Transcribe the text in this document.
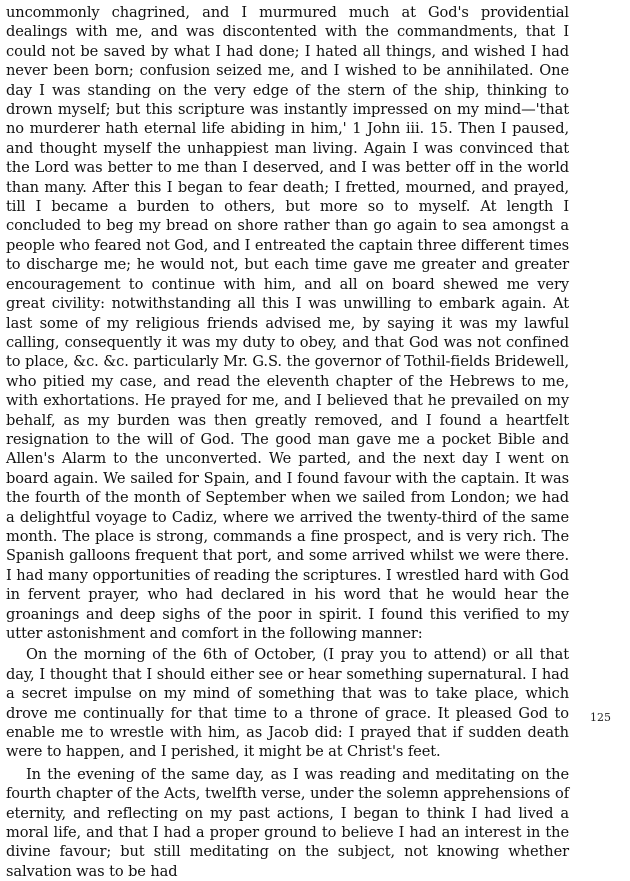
uncommonly chagrined, and I murmured much at God's providential dealings with me, and was discontented with the commandments, that I could not be saved by what I had done; I hated all things, and wished I had never been born; confusion seized me, and I wished to be annihilated. One day I was standing on the very edge of the stern of the ship, thinking to drown myself; but this scripture was instantly impressed on my mind—'that no murderer hath eternal life abiding in him,' 1 John iii. 15. Then I paused, and thought myself the unhappiest man living. Again I was convinced that the Lord was better to me than I deserved, and I was better off in the world than many. After this I began to fear death; I fretted, mourned, and prayed, till I became a burden to others, but more so to myself. At length I concluded to beg my bread on shore rather than go again to sea amongst a people who feared not God, and I entreated the captain three different times to discharge me; he would not, but each time gave me greater and greater encouragement to continue with him, and all on board shewed me very great civility: notwithstanding all this I was unwilling to embark again. At last some of my religious friends advised me, by saying it was my lawful calling, consequently it was my duty to obey, and that God was not confined to place, &c. &c. particularly Mr. G.S. the governor of Tothil-fields Bridewell, who pitied my case, and read the eleventh chapter of the Hebrews to me, with exhortations. He prayed for me, and I believed that he prevailed on my behalf, as my burden was then greatly removed, and I found a heartfelt resignation to the will of God. The good man gave me a pocket Bible and Allen's Alarm to the unconverted. We parted, and the next day I went on board again. We sailed for Spain, and I found favour with the captain. It was the fourth of the month of September when we sailed from London; we had a delightful voyage to Cadiz, where we arrived the twenty-third of the same month. The place is strong, commands a fine prospect, and is very rich. The Spanish galloons frequent that port, and some arrived whilst we were there. I had many opportunities of reading the scriptures. I wrestled hard with God in fervent prayer, who had declared in his word that he would hear the groanings and deep sighs of the poor in spirit. I found this verified to my utter astonishment and comfort in the following manner:

On the morning of the 6th of October, (I pray you to attend) or all that day, I thought that I should either see or hear something supernatural. I had a secret impulse on my mind of something that was to take place, which drove me continually for that time to a throne of grace. It pleased God to enable me to wrestle with him, as Jacob did: I prayed that if sudden death were to happen, and I perished, it might be at Christ's feet.

In the evening of the same day, as I was reading and meditating on the fourth chapter of the Acts, twelfth verse, under the solemn apprehensions of eternity, and reflecting on my past actions, I began to think I had lived a moral life, and that I had a proper ground to believe I had an interest in the divine favour; but still meditating on the subject, not knowing whether salvation was to be had

125
